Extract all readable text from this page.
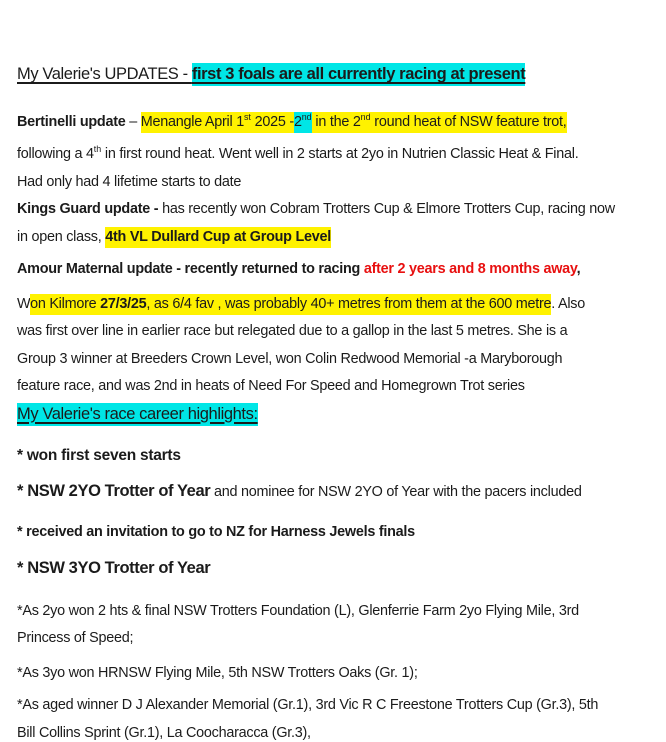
My Valerie's UPDATES - first 3 foals are all currently racing at present
Bertinelli update – Menangle April 1st 2025 -2nd in the 2nd round heat of NSW feature trot,
following a 4th in first round heat. Went well in 2 starts at 2yo in Nutrien Classic Heat & Final.
Had only had 4 lifetime starts to date
Kings Guard update - has recently won Cobram Trotters Cup & Elmore Trotters Cup, racing now
in open class, 4th VL Dullard Cup at Group Level
Amour Maternal update - recently returned to racing after 2 years and 8 months away,
Won Kilmore 27/3/25, as 6/4 fav , was probably 40+ metres from them at the 600 metre. Also
was first over line in earlier race but relegated due to a gallop in the last 5 metres. She is a
Group 3 winner at Breeders Crown Level, won Colin Redwood Memorial -a Maryborough
feature race, and was 2nd in heats of Need For Speed and Homegrown Trot series
My Valerie's race career highlights:
* won first seven starts
* NSW 2YO Trotter of Year and nominee for NSW 2YO of Year with the pacers included
* received an invitation to go to NZ for Harness Jewels finals
* NSW 3YO Trotter of Year
*As 2yo won 2 hts & final NSW Trotters Foundation (L), Glenferrie Farm 2yo Flying Mile, 3rd
Princess of Speed;
*As 3yo won HRNSW Flying Mile, 5th NSW Trotters Oaks (Gr. 1);
*As aged winner D J Alexander Memorial (Gr.1), 3rd Vic R C Freestone Trotters Cup (Gr.3), 5th
Bill Collins Sprint (Gr.1), La Coocharacca (Gr.3),
